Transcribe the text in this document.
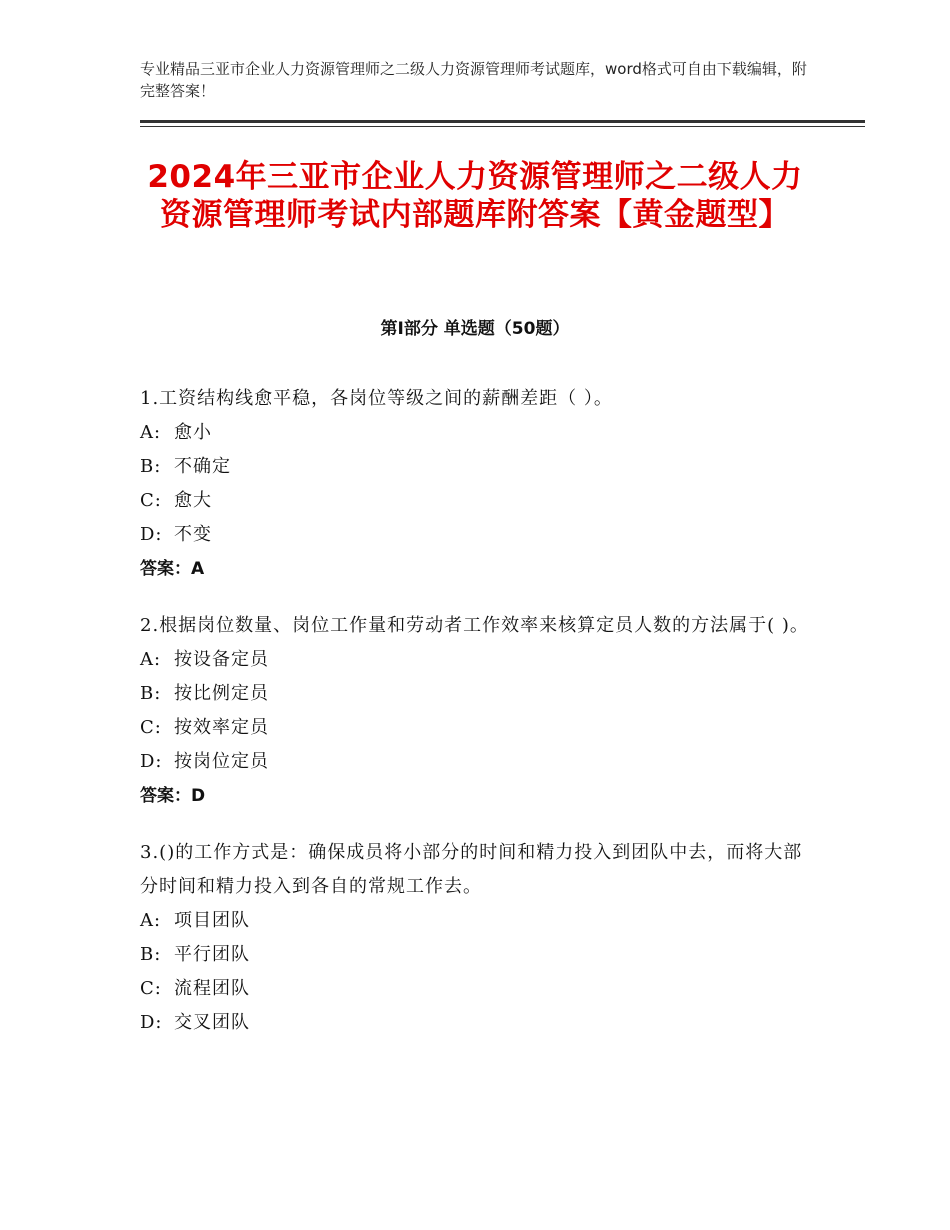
专业精品三亚市企业人力资源管理师之二级人力资源管理师考试题库，word格式可自由下载编辑，附完整答案！
2024年三亚市企业人力资源管理师之二级人力资源管理师考试内部题库附答案【黄金题型】
第Ⅰ部分 单选题（50题）

1.工资结构线愈平稳，各岗位等级之间的薪酬差距（ ）。

A: 愈小

B: 不确定

C: 愈大

D: 不变

答案：A

2.根据岗位数量、岗位工作量和劳动者工作效率来核算定员人数的方法属于( )。

A: 按设备定员

B: 按比例定员

C: 按效率定员

D: 按岗位定员

答案：D

3.()的工作方式是：确保成员将小部分的时间和精力投入到团队中去，而将大部分时间和精力投入到各自的常规工作去。

A: 项目团队

B: 平行团队

C: 流程团队

D: 交叉团队
